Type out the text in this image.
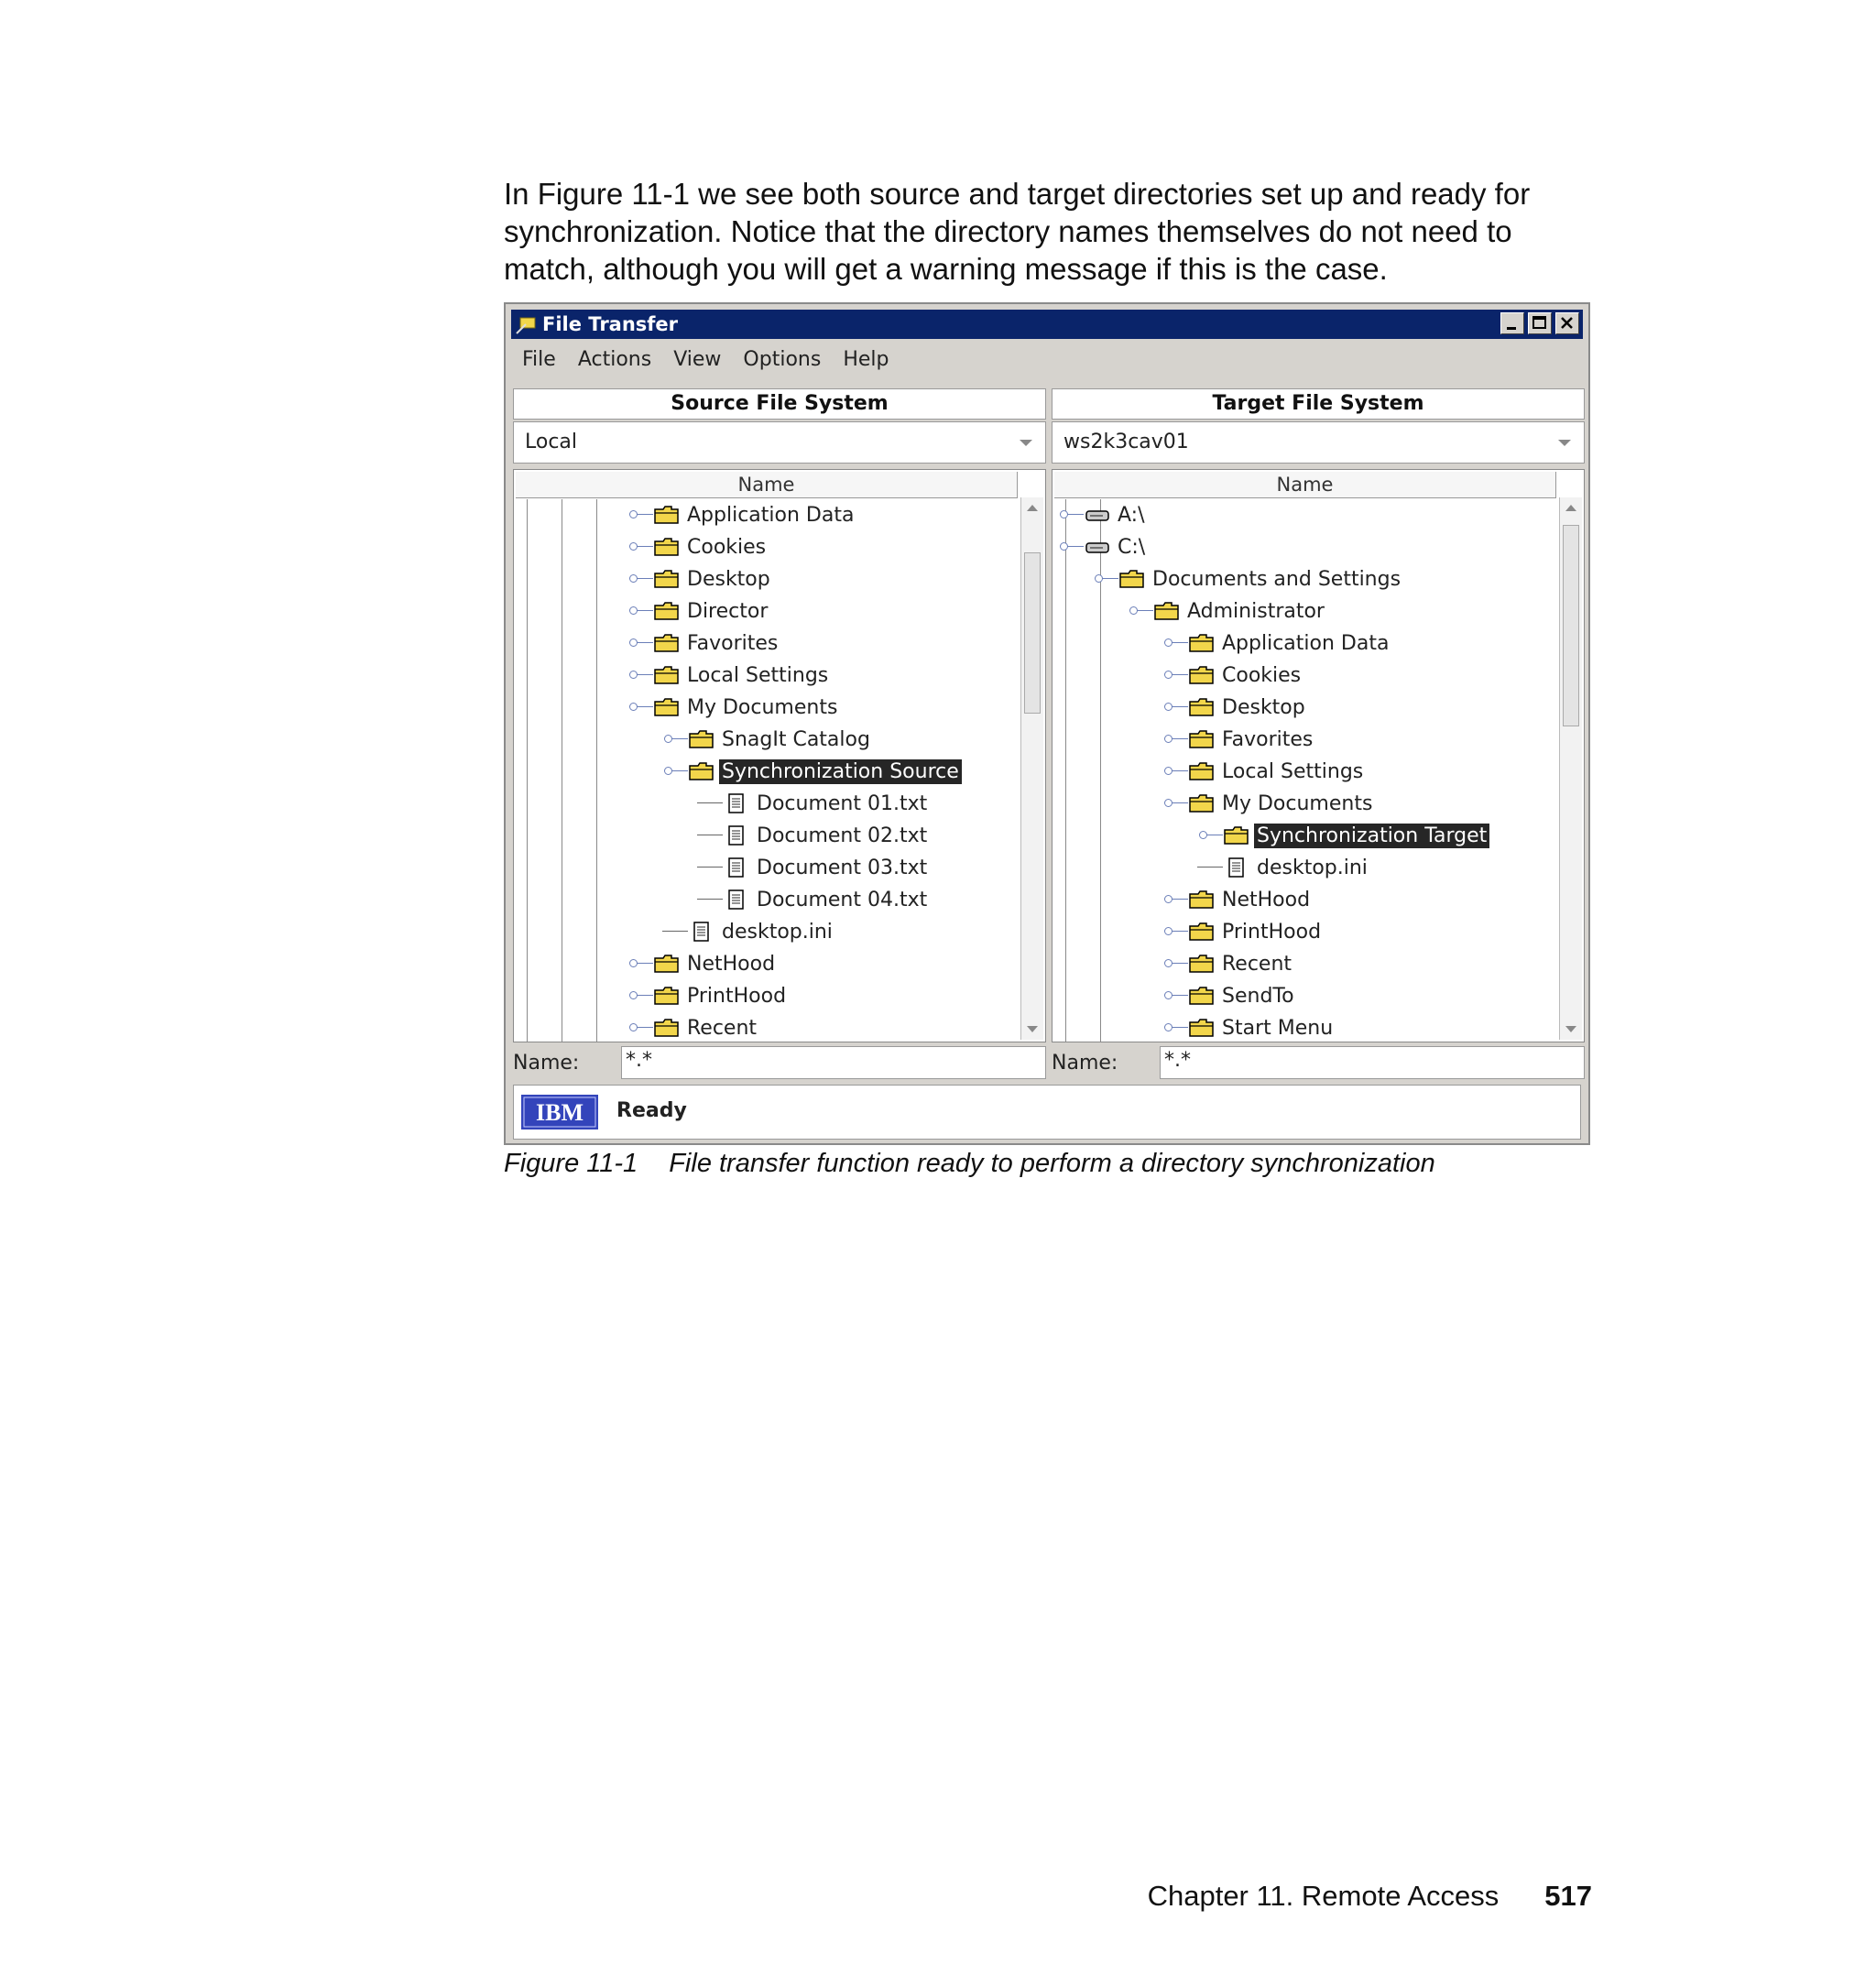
In Figure 11-1 we see both source and target directories set up and ready for synchronization. Notice that the directory names themselves do not need to match, although you will get a warning message if this is the case.

File Transfer
File Actions View Options Help
Source File System
Local
Name
Application Data
Cookies
Desktop
Director
Favorites
Local Settings
My Documents
SnagIt Catalog
Synchronization Source
Document 01.txt
Document 02.txt
Document 03.txt
Document 04.txt
desktop.ini
NetHood
PrintHood
Recent
Name: *.*
Target File System
ws2k3cav01
Name
A:\
C:\
Documents and Settings
Administrator
Application Data
Cookies
Desktop
Favorites
Local Settings
My Documents
Synchronization Target
desktop.ini
NetHood
PrintHood
Recent
SendTo
Start Menu
Name: *.*
IBM Ready
Figure 11-1 File transfer function ready to perform a directory synchronization
Chapter 11. Remote Access 517
